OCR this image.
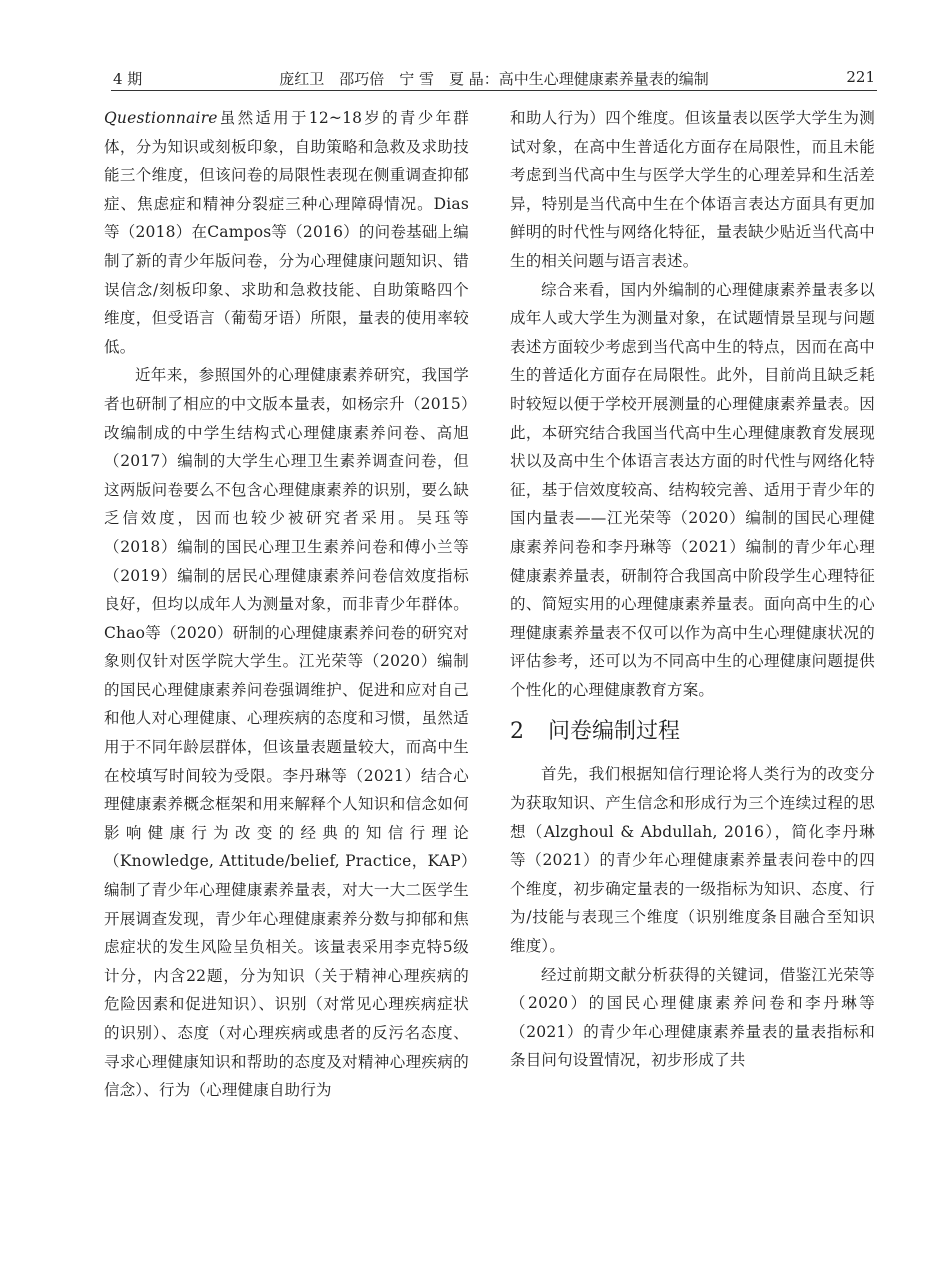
4 期	庞红卫　邵巧倍　宁 雪　夏 晶：高中生心理健康素养量表的编制	221

Questionnaire虽然适用于12~18岁的青少年群体，分为知识或刻板印象，自助策略和急救及求助技能三个维度，但该问卷的局限性表现在侧重调查抑郁症、焦虑症和精神分裂症三种心理障碍情况。Dias等（2018）在Campos等（2016）的问卷基础上编制了新的青少年版问卷，分为心理健康问题知识、错误信念/刻板印象、求助和急救技能、自助策略四个维度，但受语言（葡萄牙语）所限，量表的使用率较低。

近年来，参照国外的心理健康素养研究，我国学者也研制了相应的中文版本量表，如杨宗升（2015）改编制成的中学生结构式心理健康素养问卷、高旭（2017）编制的大学生心理卫生素养调查问卷，但这两版问卷要么不包含心理健康素养的识别，要么缺乏信效度，因而也较少被研究者采用。吴珏等（2018）编制的国民心理卫生素养问卷和傅小兰等（2019）编制的居民心理健康素养问卷信效度指标良好，但均以成年人为测量对象，而非青少年群体。Chao等（2020）研制的心理健康素养问卷的研究对象则仅针对医学院大学生。江光荣等（2020）编制的国民心理健康素养问卷强调维护、促进和应对自己和他人对心理健康、心理疾病的态度和习惯，虽然适用于不同年龄层群体，但该量表题量较大，而高中生在校填写时间较为受限。李丹琳等（2021）结合心理健康素养概念框架和用来解释个人知识和信念如何影响健康行为改变的经典的知信行理论（Knowledge, Attitude/belief, Practice，KAP）编制了青少年心理健康素养量表，对大一大二医学生开展调查发现，青少年心理健康素养分数与抑郁和焦虑症状的发生风险呈负相关。该量表采用李克特5级计分，内含22题，分为知识（关于精神心理疾病的危险因素和促进知识）、识别（对常见心理疾病症状的识别）、态度（对心理疾病或患者的反污名态度、寻求心理健康知识和帮助的态度及对精神心理疾病的信念）、行为（心理健康自助行为

和助人行为）四个维度。但该量表以医学大学生为测试对象，在高中生普适化方面存在局限性，而且未能考虑到当代高中生与医学大学生的心理差异和生活差异，特别是当代高中生在个体语言表达方面具有更加鲜明的时代性与网络化特征，量表缺少贴近当代高中生的相关问题与语言表述。

综合来看，国内外编制的心理健康素养量表多以成年人或大学生为测量对象，在试题情景呈现与问题表述方面较少考虑到当代高中生的特点，因而在高中生的普适化方面存在局限性。此外，目前尚且缺乏耗时较短以便于学校开展测量的心理健康素养量表。因此，本研究结合我国当代高中生心理健康教育发展现状以及高中生个体语言表达方面的时代性与网络化特征，基于信效度较高、结构较完善、适用于青少年的国内量表——江光荣等（2020）编制的国民心理健康素养问卷和李丹琳等（2021）编制的青少年心理健康素养量表，研制符合我国高中阶段学生心理特征的、简短实用的心理健康素养量表。面向高中生的心理健康素养量表不仅可以作为高中生心理健康状况的评估参考，还可以为不同高中生的心理健康问题提供个性化的心理健康教育方案。

2 问卷编制过程

首先，我们根据知信行理论将人类行为的改变分为获取知识、产生信念和形成行为三个连续过程的思想（Alzghoul & Abdullah, 2016），简化李丹琳等（2021）的青少年心理健康素养量表问卷中的四个维度，初步确定量表的一级指标为知识、态度、行为/技能与表现三个维度（识别维度条目融合至知识维度）。

经过前期文献分析获得的关键词，借鉴江光荣等（2020）的国民心理健康素养问卷和李丹琳等（2021）的青少年心理健康素养量表的量表指标和条目问句设置情况，初步形成了共
